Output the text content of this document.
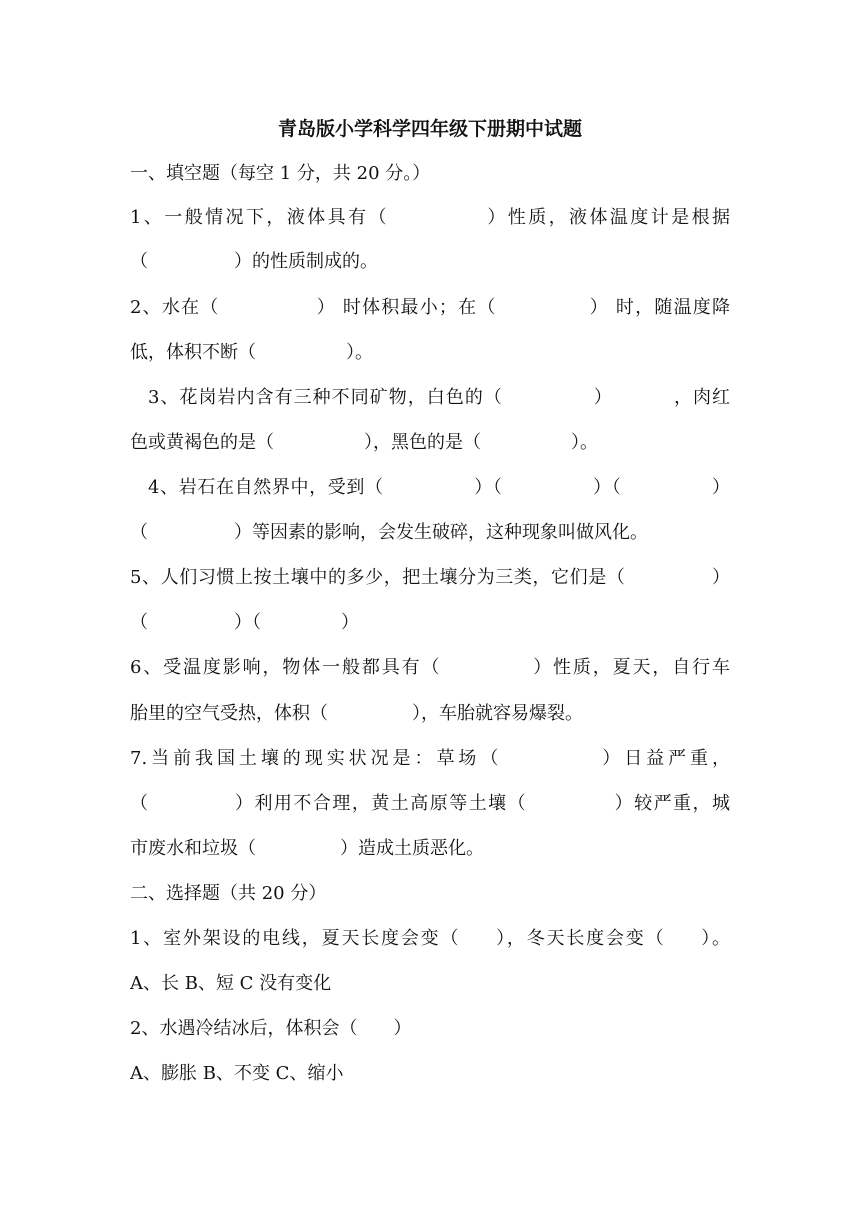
青岛版小学科学四年级下册期中试题
一、填空题（每空 1 分，共 20 分。）
1、一般情况下，液体具有（	）性质，液体温度计是根据
（	）的性质制成的。
2、水在（	） 时体积最小；在（	） 时，随温度降
低，体积不断（	）。
3、花岗岩内含有三种不同矿物，白色的（	）	，肉红
色或黄褐色的是（	），黑色的是（	）。
4、岩石在自然界中，受到（	）（	）（	）
（	）等因素的影响，会发生破碎，这种现象叫做风化。
5、人们习惯上按土壤中的多少，把土壤分为三类，它们是（	）
（	）（	）
6、受温度影响，物体一般都具有（	）性质，夏天，自行车
胎里的空气受热，体积（	），车胎就容易爆裂。
7.当前我国土壤的现实状况是：草场（	）日益严重，
（	）利用不合理，黄土高原等土壤（	）较严重，城
市废水和垃圾（	）造成土质恶化。
二、选择题（共 20 分）
1、室外架设的电线，夏天长度会变（ ），冬天长度会变（ ）。
A、长 B、短 C 没有变化
2、水遇冷结冰后，体积会（ ）
A、膨胀 B、不变 C、缩小
